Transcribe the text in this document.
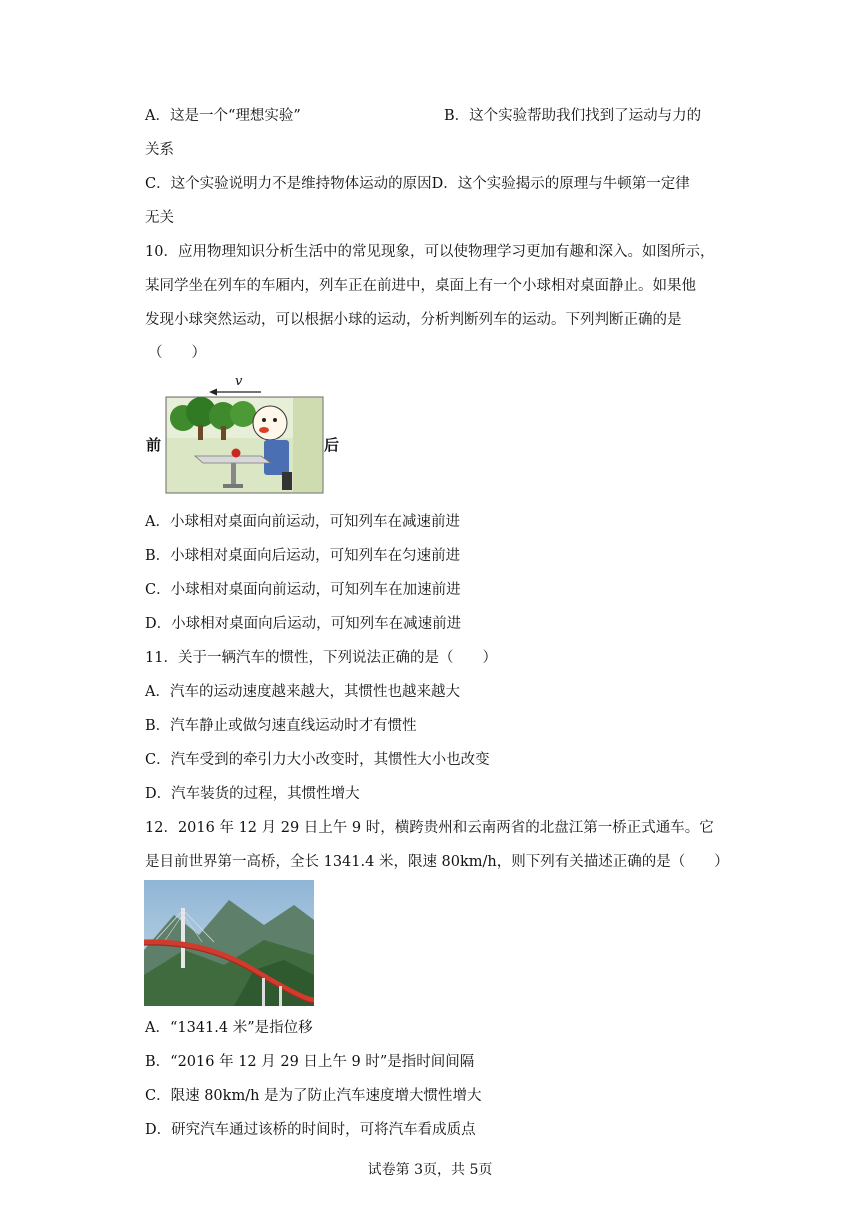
A．这是一个“理想实验”	B．这个实验帮助我们找到了运动与力的
关系
C．这个实验说明力不是维持物体运动的原因D．这个实验揭示的原理与牛顿第一定律
无关
10．应用物理知识分析生活中的常见现象，可以使物理学习更加有趣和深入。如图所示，
某同学坐在列车的车厢内，列车正在前进中，桌面上有一个小球相对桌面静止。如果他
发现小球突然运动，可以根据小球的运动，分析判断列车的运动。下列判断正确的是
（　　）
v
前	后
A．小球相对桌面向前运动，可知列车在减速前进
B．小球相对桌面向后运动，可知列车在匀速前进
C．小球相对桌面向前运动，可知列车在加速前进
D．小球相对桌面向后运动，可知列车在减速前进
11．关于一辆汽车的惯性，下列说法正确的是（　　）
A．汽车的运动速度越来越大，其惯性也越来越大
B．汽车静止或做匀速直线运动时才有惯性
C．汽车受到的牵引力大小改变时，其惯性大小也改变
D．汽车装货的过程，其惯性增大
12．2016 年 12 月 29 日上午 9 时，横跨贵州和云南两省的北盘江第一桥正式通车。它
是目前世界第一高桥，全长 1341.4 米，限速 80km/h，则下列有关描述正确的是（　　）
A．“1341.4 米”是指位移
B．“2016 年 12 月 29 日上午 9 时”是指时间间隔
C．限速 80km/h 是为了防止汽车速度增大惯性增大
D．研究汽车通过该桥的时间时，可将汽车看成质点
试卷第 3页，共 5页
